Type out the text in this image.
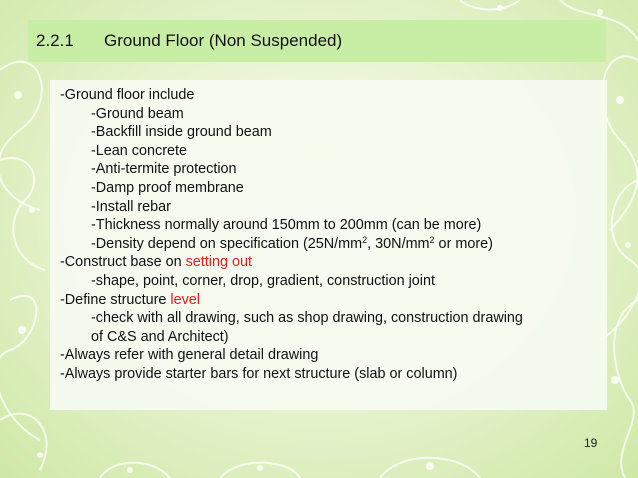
2.2.1 Ground Floor (Non Suspended)
-Ground floor include
-Ground beam
-Backfill inside ground beam
-Lean concrete
-Anti-termite protection
-Damp proof membrane
-Install rebar
-Thickness normally around 150mm to 200mm (can be more)
-Density depend on specification ($25N/mm^2$, $30N/mm^2$ or more)
-Construct base on setting out
-shape, point, corner, drop, gradient, construction joint
-Define structure level
-check with all drawing, such as shop drawing, construction drawing
of C&S and Architect)
-Always refer with general detail drawing
-Always provide starter bars for next structure (slab or column)
19
